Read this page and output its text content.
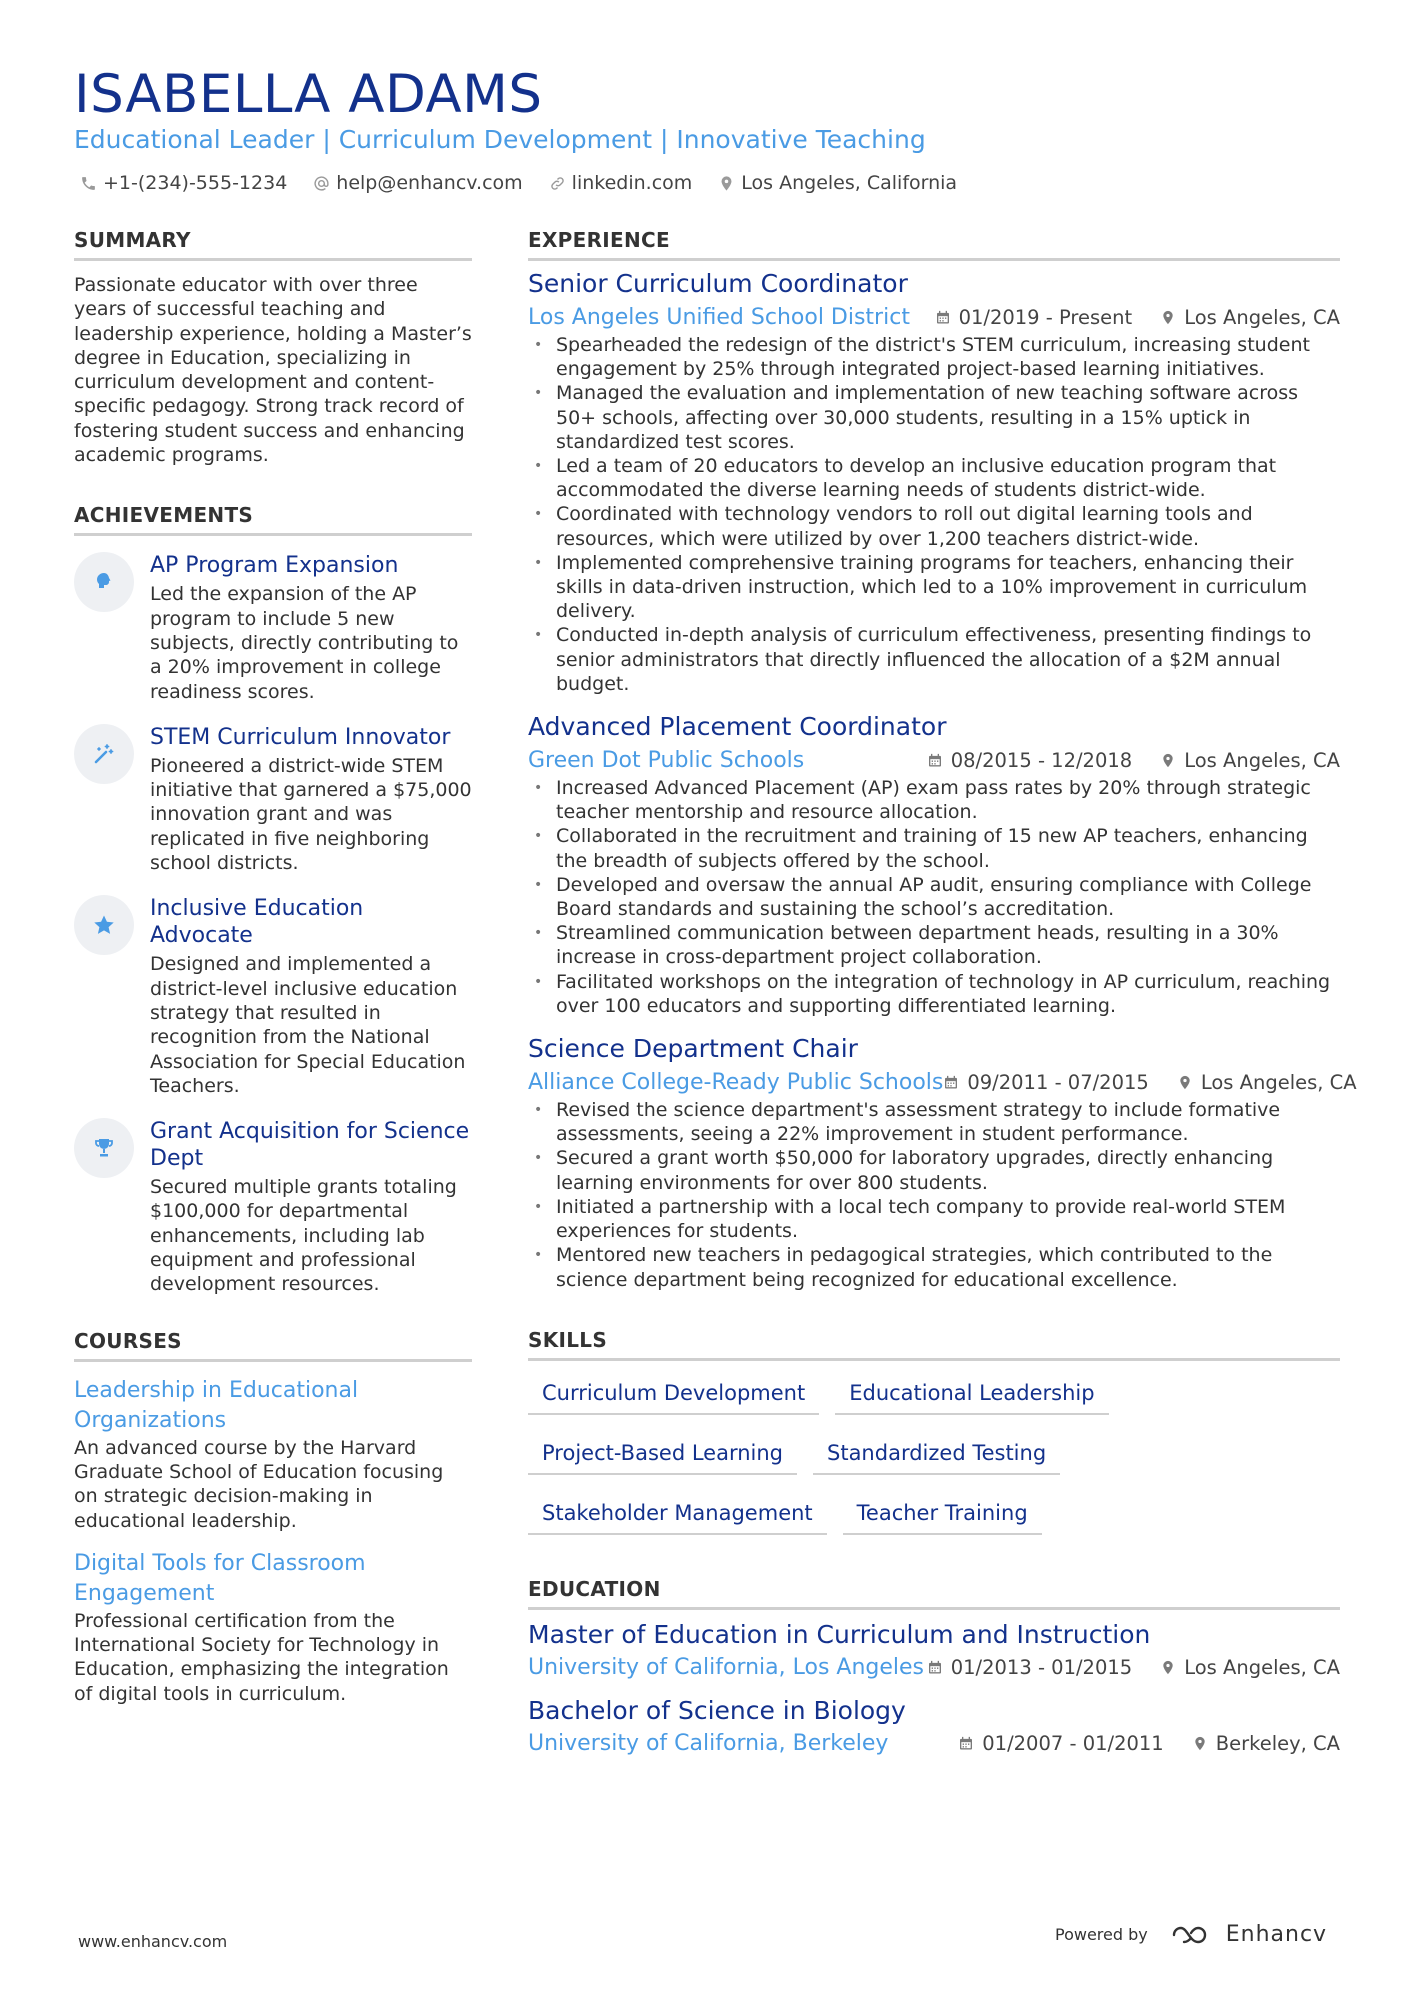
ISABELLA ADAMS
Educational Leader | Curriculum Development | Innovative Teaching
+1-(234)-555-1234	help@enhancv.com	linkedin.com	Los Angeles, California
SUMMARY

Passionate educator with over three years of successful teaching and leadership experience, holding a Master’s degree in Education, specializing in curriculum development and content-specific pedagogy. Strong track record of fostering student success and enhancing academic programs.

ACHIEVEMENTS
AP Program Expansion
Led the expansion of the AP program to include 5 new subjects, directly contributing to a 20% improvement in college readiness scores.
STEM Curriculum Innovator
Pioneered a district-wide STEM initiative that garnered a $75,000 innovation grant and was replicated in five neighboring school districts.
Inclusive Education Advocate
Designed and implemented a district-level inclusive education strategy that resulted in recognition from the National Association for Special Education Teachers.
Grant Acquisition for Science Dept
Secured multiple grants totaling $100,000 for departmental enhancements, including lab equipment and professional development resources.
COURSES
Leadership in Educational Organizations
An advanced course by the Harvard Graduate School of Education focusing on strategic decision-making in educational leadership.
Digital Tools for Classroom Engagement
Professional certification from the International Society for Technology in Education, emphasizing the integration of digital tools in curriculum.
EXPERIENCE
Senior Curriculum Coordinator
Los Angeles Unified School District 01/2019 - Present	Los Angeles, CA
• Spearheaded the redesign of the district's STEM curriculum, increasing student engagement by 25% through integrated project-based learning initiatives.
• Managed the evaluation and implementation of new teaching software across 50+ schools, affecting over 30,000 students, resulting in a 15% uptick in standardized test scores.
• Led a team of 20 educators to develop an inclusive education program that accommodated the diverse learning needs of students district-wide.
• Coordinated with technology vendors to roll out digital learning tools and resources, which were utilized by over 1,200 teachers district-wide.
• Implemented comprehensive training programs for teachers, enhancing their skills in data-driven instruction, which led to a 10% improvement in curriculum delivery.
• Conducted in-depth analysis of curriculum effectiveness, presenting findings to senior administrators that directly influenced the allocation of a $2M annual budget.
Advanced Placement Coordinator
Green Dot Public Schools	08/2015 - 12/2018	Los Angeles, CA
• Increased Advanced Placement (AP) exam pass rates by 20% through strategic teacher mentorship and resource allocation.
• Collaborated in the recruitment and training of 15 new AP teachers, enhancing the breadth of subjects offered by the school.
• Developed and oversaw the annual AP audit, ensuring compliance with College Board standards and sustaining the school’s accreditation.
• Streamlined communication between department heads, resulting in a 30% increase in cross-department project collaboration.
• Facilitated workshops on the integration of technology in AP curriculum, reaching over 100 educators and supporting differentiated learning.
Science Department Chair
Alliance College-Ready Public Schools 09/2011 - 07/2015	Los Angeles, CA
• Revised the science department's assessment strategy to include formative assessments, seeing a 22% improvement in student performance.
• Secured a grant worth $50,000 for laboratory upgrades, directly enhancing learning environments for over 800 students.
• Initiated a partnership with a local tech company to provide real-world STEM experiences for students.
• Mentored new teachers in pedagogical strategies, which contributed to the science department being recognized for educational excellence.
SKILLS
Curriculum Development	Educational Leadership
Project-Based Learning	Standardized Testing
Stakeholder Management	Teacher Training
EDUCATION
Master of Education in Curriculum and Instruction
University of California, Los Angeles 01/2013 - 01/2015	Los Angeles, CA
Bachelor of Science in Biology
University of California, Berkeley	01/2007 - 01/2011	Berkeley, CA
www.enhancv.com	Powered by	Enhancv
